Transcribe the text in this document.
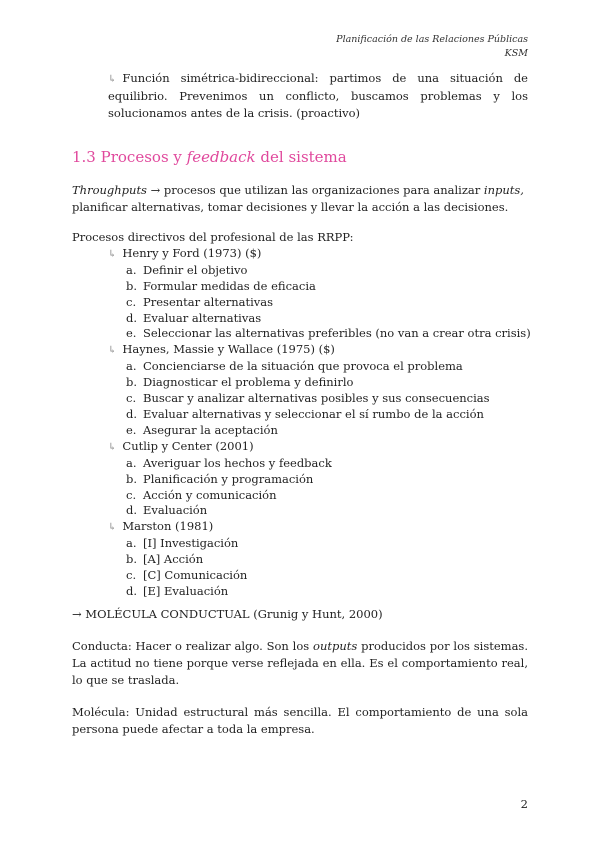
Planificación de las Relaciones Públicas
KSM
↳ Función simétrica-bidireccional: partimos de una situación de equilibrio. Prevenimos un conflicto, buscamos problemas y los solucionamos antes de la crisis. (proactivo)
1.3 Procesos y feedback del sistema
Throughputs → procesos que utilizan las organizaciones para analizar inputs, planificar alternativas, tomar decisiones y llevar la acción a las decisiones.
Procesos directivos del profesional de las RRPP:
↳ Henry y Ford (1973) ($)
a. Definir el objetivo
b. Formular medidas de eficacia
c. Presentar alternativas
d. Evaluar alternativas
e. Seleccionar las alternativas preferibles (no van a crear otra crisis)
↳ Haynes, Massie y Wallace (1975) ($)
a. Concienciarse de la situación que provoca el problema
b. Diagnosticar el problema y definirlo
c. Buscar y analizar alternativas posibles y sus consecuencias
d. Evaluar alternativas y seleccionar el sí rumbo de la acción
e. Asegurar la aceptación
↳ Cutlip y Center (2001)
a. Averiguar los hechos y feedback
b. Planificación y programación
c. Acción y comunicación
d. Evaluación
↳ Marston (1981)
a. [I] Investigación
b. [A] Acción
c. [C] Comunicación
d. [E] Evaluación
→ MOLÉCULA CONDUCTUAL (Grunig y Hunt, 2000)
Conducta: Hacer o realizar algo. Son los outputs producidos por los sistemas. La actitud no tiene porque verse reflejada en ella. Es el comportamiento real, lo que se traslada.
Molécula: Unidad estructural más sencilla. El comportamiento de una sola persona puede afectar a toda la empresa.
2
